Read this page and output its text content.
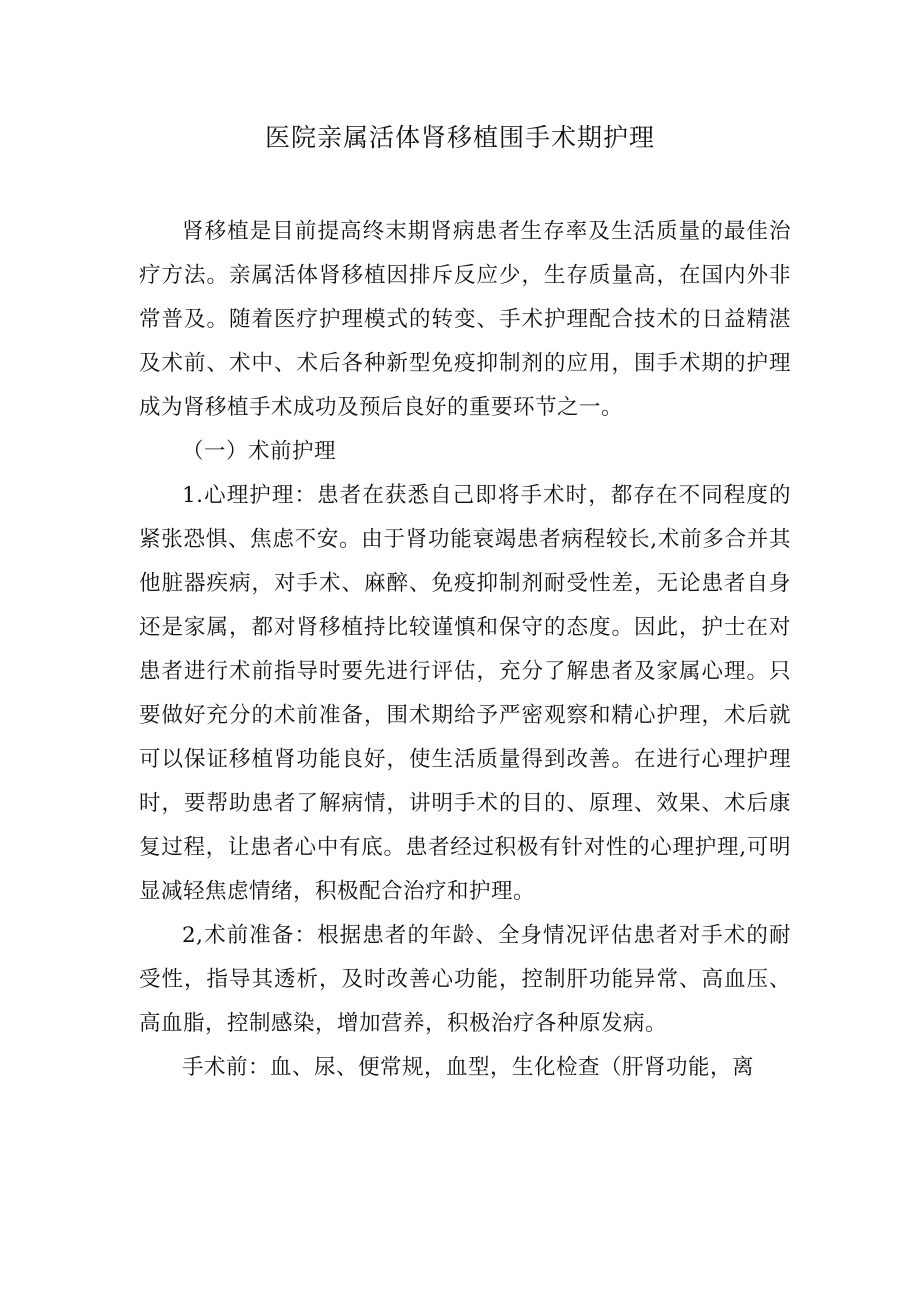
医院亲属活体肾移植围手术期护理

肾移植是目前提高终末期肾病患者生存率及生活质量的最佳治疗方法。亲属活体肾移植因排斥反应少，生存质量高，在国内外非常普及。随着医疗护理模式的转变、手术护理配合技术的日益精湛及术前、术中、术后各种新型免疫抑制剂的应用，围手术期的护理成为肾移植手术成功及预后良好的重要环节之一。

（一）术前护理

1.心理护理：患者在获悉自己即将手术时，都存在不同程度的紧张恐惧、焦虑不安。由于肾功能衰竭患者病程较长,术前多合并其他脏器疾病，对手术、麻醉、免疫抑制剂耐受性差，无论患者自身还是家属，都对肾移植持比较谨慎和保守的态度。因此，护士在对患者进行术前指导时要先进行评估，充分了解患者及家属心理。只要做好充分的术前准备，围术期给予严密观察和精心护理，术后就可以保证移植肾功能良好，使生活质量得到改善。在进行心理护理时，要帮助患者了解病情，讲明手术的目的、原理、效果、术后康复过程，让患者心中有底。患者经过积极有针对性的心理护理,可明显减轻焦虑情绪，积极配合治疗和护理。

2,术前准备：根据患者的年龄、全身情况评估患者对手术的耐受性，指导其透析，及时改善心功能，控制肝功能异常、高血压、高血脂，控制感染，增加营养，积极治疗各种原发病。

手术前：血、尿、便常规，血型，生化检查（肝肾功能，离
